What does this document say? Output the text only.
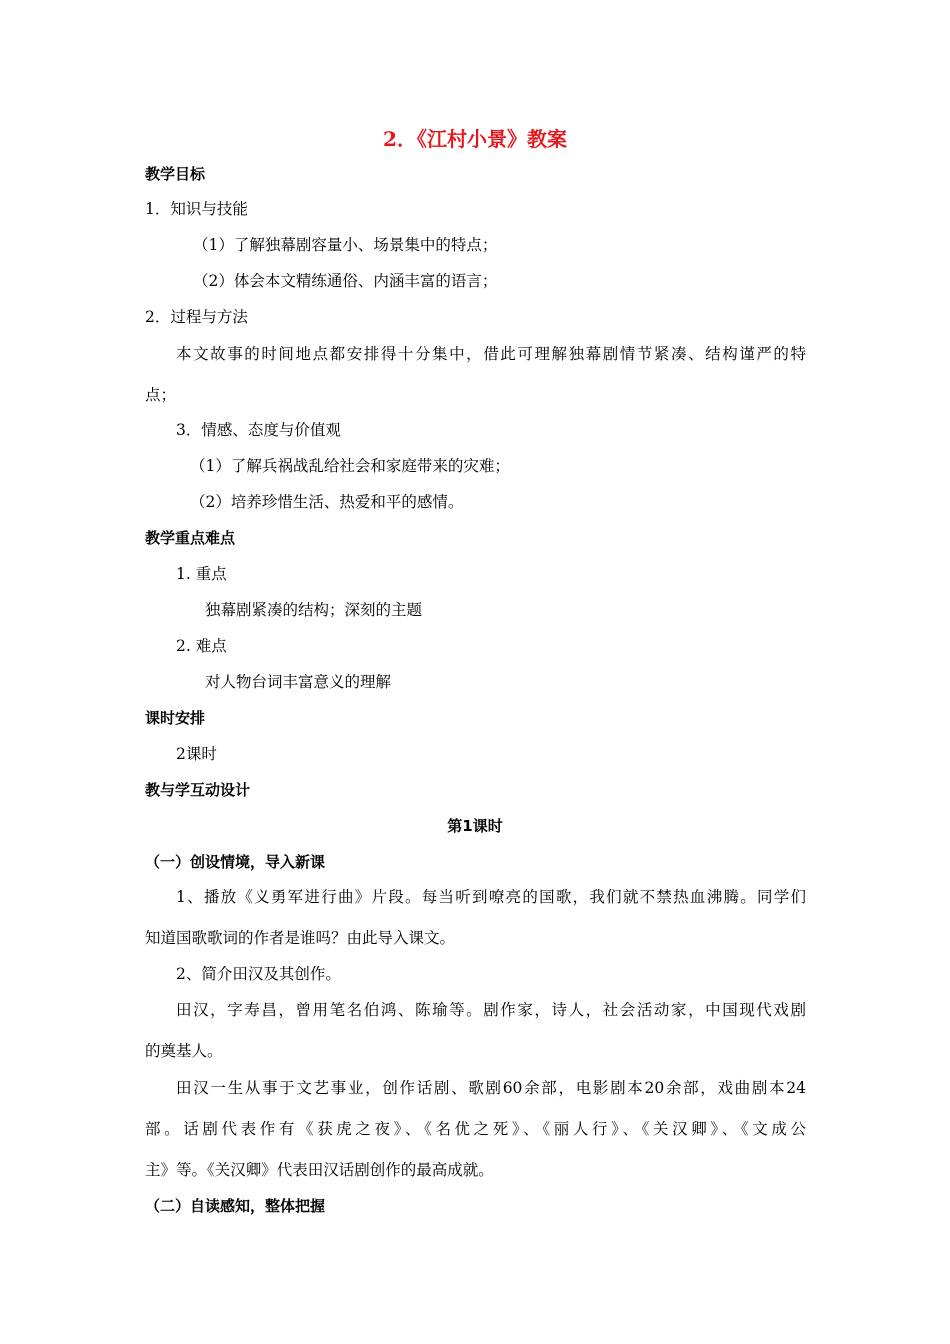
2．《江村小景》教案
教学目标
1．知识与技能
（1）了解独幕剧容量小、场景集中的特点；
（2）体会本文精练通俗、内涵丰富的语言；
2．过程与方法
本文故事的时间地点都安排得十分集中，借此可理解独幕剧情节紧凑、结构谨严的特
点；
3．情感、态度与价值观
（1）了解兵祸战乱给社会和家庭带来的灾难；
（2）培养珍惜生活、热爱和平的感情。
教学重点难点
1. 重点
独幕剧紧凑的结构；深刻的主题
2. 难点
对人物台词丰富意义的理解
课时安排
2课时
教与学互动设计
第1课时
（一）创设情境，导入新课
1、播放《义勇军进行曲》片段。每当听到嘹亮的国歌，我们就不禁热血沸腾。同学们
知道国歌歌词的作者是谁吗？由此导入课文。
2、简介田汉及其创作。
田汉，字寿昌，曾用笔名伯鸿、陈瑜等。剧作家，诗人，社会活动家，中国现代戏剧
的奠基人。
田汉一生从事于文艺事业，创作话剧、歌剧60余部，电影剧本20余部，戏曲剧本24
部。话剧代表作有《获虎之夜》、《名优之死》、《丽人行》、《关汉卿》、《文成公
主》等。《关汉卿》代表田汉话剧创作的最高成就。
（二）自读感知，整体把握
